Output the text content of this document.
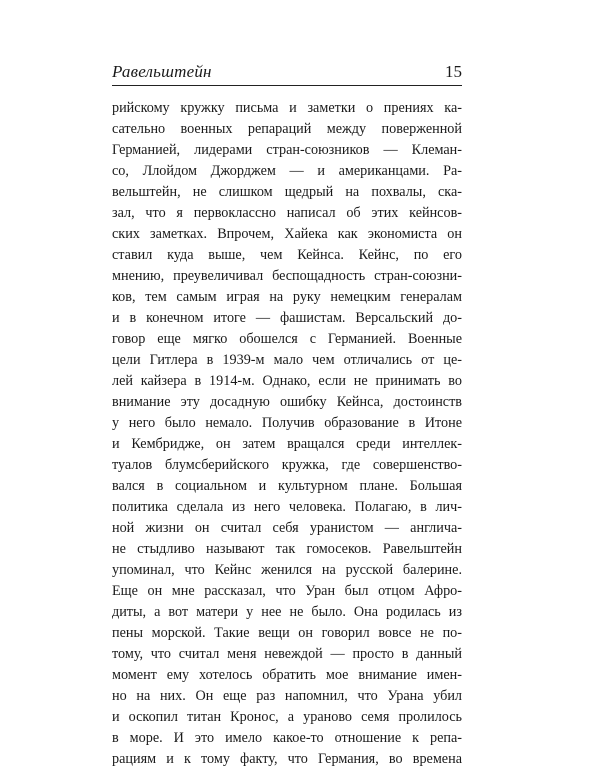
Равельштейн	15
рийскому кружку письма и заметки о прениях ка-
сательно военных репараций между поверженной
Германией, лидерами стран-союзников — Клеман-
со, Ллойдом Джорджем — и американцами. Ра-
вельштейн, не слишком щедрый на похвалы, ска-
зал, что я первоклассно написал об этих кейнсов-
ских заметках. Впрочем, Хайека как экономиста он
ставил куда выше, чем Кейнса. Кейнс, по его
мнению, преувеличивал беспощадность стран-союзни-
ков, тем самым играя на руку немецким генералам
и в конечном итоге — фашистам. Версальский до-
говор еще мягко обошелся с Германией. Военные
цели Гитлера в 1939-м мало чем отличались от це-
лей кайзера в 1914-м. Однако, если не принимать во
внимание эту досадную ошибку Кейнса, достоинств
у него было немало. Получив образование в Итоне
и Кембридже, он затем вращался среди интеллек-
туалов блумсберийского кружка, где совершенство-
вался в социальном и культурном плане. Большая
политика сделала из него человека. Полагаю, в лич-
ной жизни он считал себя уранистом — англича-
не стыдливо называют так гомосеков. Равельштейн
упоминал, что Кейнс женился на русской балерине.
Еще он мне рассказал, что Уран был отцом Афро-
диты, а вот матери у нее не было. Она родилась из
пены морской. Такие вещи он говорил вовсе не по-
тому, что считал меня невеждой — просто в данный
момент ему хотелось обратить мое внимание имен-
но на них. Он еще раз напомнил, что Урана убил
и оскопил титан Кронос, а ураново семя пролилось
в море. И это имело какое-то отношение к репа-
рациям и к тому факту, что Германия, во времена
